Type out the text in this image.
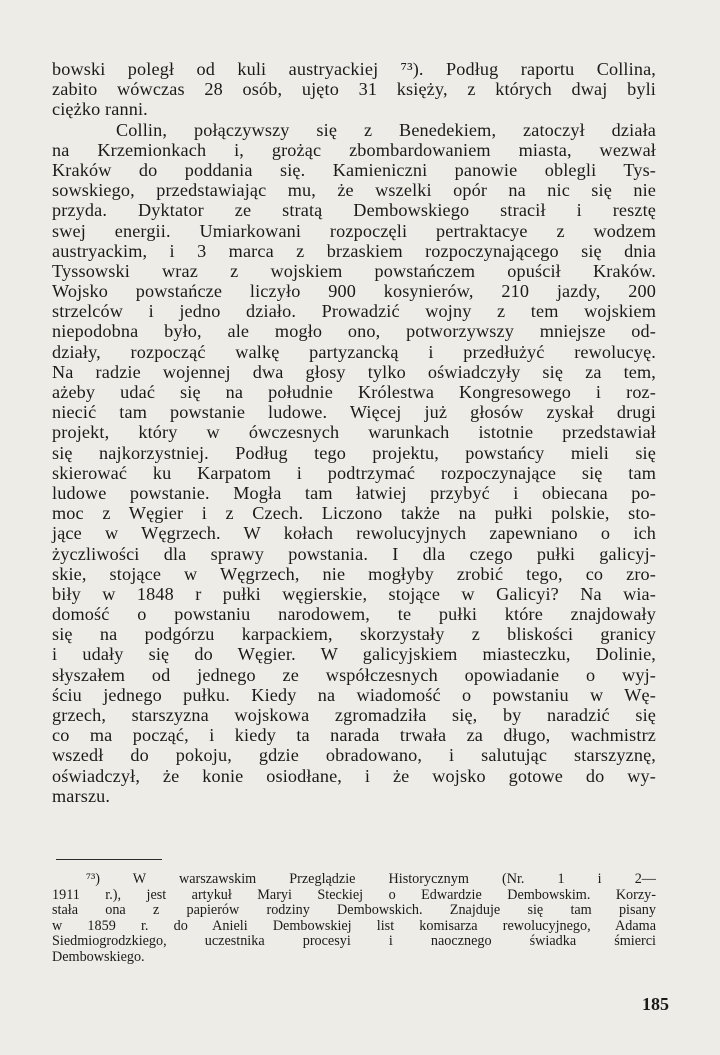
bowski poległ od kuli austryackiej ⁷³). Podług raportu Collina,
zabito wówczas 28 osób, ujęto 31 księży, z których dwaj byli
ciężko ranni.
Collin, połączywszy się z Benedekiem, zatoczył działa
na Krzemionkach i, grożąc zbombardowaniem miasta, wezwał
Kraków do poddania się. Kamieniczni panowie oblegli Tys-
sowskiego, przedstawiając mu, że wszelki opór na nic się nie
przyda. Dyktator ze stratą Dembowskiego stracił i resztę
swej energii. Umiarkowani rozpoczęli pertraktacye z wodzem
austryackim, i 3 marca z brzaskiem rozpoczynającego się dnia
Tyssowski wraz z wojskiem powstańczem opuścił Kraków.
Wojsko powstańcze liczyło 900 kosynierów, 210 jazdy, 200
strzelców i jedno działo. Prowadzić wojny z tem wojskiem
niepodobna było, ale mogło ono, potworzywszy mniejsze od-
działy, rozpocząć walkę partyzancką i przedłużyć rewolucyę.
Na radzie wojennej dwa głosy tylko oświadczyły się za tem,
ażeby udać się na południe Królestwa Kongresowego i roz-
niecić tam powstanie ludowe. Więcej już głosów zyskał drugi
projekt, który w ówczesnych warunkach istotnie przedstawiał
się najkorzystniej. Podług tego projektu, powstańcy mieli się
skierować ku Karpatom i podtrzymać rozpoczynające się tam
ludowe powstanie. Mogła tam łatwiej przybyć i obiecana po-
moc z Węgier i z Czech. Liczono także na pułki polskie, sto-
jące w Węgrzech. W kołach rewolucyjnych zapewniano o ich
życzliwości dla sprawy powstania. I dla czego pułki galicyj-
skie, stojące w Węgrzech, nie mogłyby zrobić tego, co zro-
biły w 1848 r pułki węgierskie, stojące w Galicyi? Na wia-
domość o powstaniu narodowem, te pułki które znajdowały
się na podgórzu karpackiem, skorzystały z bliskości granicy
i udały się do Węgier. W galicyjskiem miasteczku, Dolinie,
słyszałem od jednego ze współczesnych opowiadanie o wyj-
ściu jednego pułku. Kiedy na wiadomość o powstaniu w Wę-
grzech, starszyzna wojskowa zgromadziła się, by naradzić się
co ma począć, i kiedy ta narada trwała za długo, wachmistrz
wszedł do pokoju, gdzie obradowano, i salutując starszyznę,
oświadczył, że konie osiodłane, i że wojsko gotowe do wy-
marszu.
⁷³) W warszawskim Przeglądzie Historycznym (Nr. 1 i 2—
1911 r.), jest artykuł Maryi Steckiej o Edwardzie Dembowskim. Korzy-
stała ona z papierów rodziny Dembowskich. Znajduje się tam pisany
w 1859 r. do Anieli Dembowskiej list komisarza rewolucyjnego, Adama
Siedmiogrodzkiego, uczestnika procesyi i naocznego świadka śmierci
Dembowskiego.
185
